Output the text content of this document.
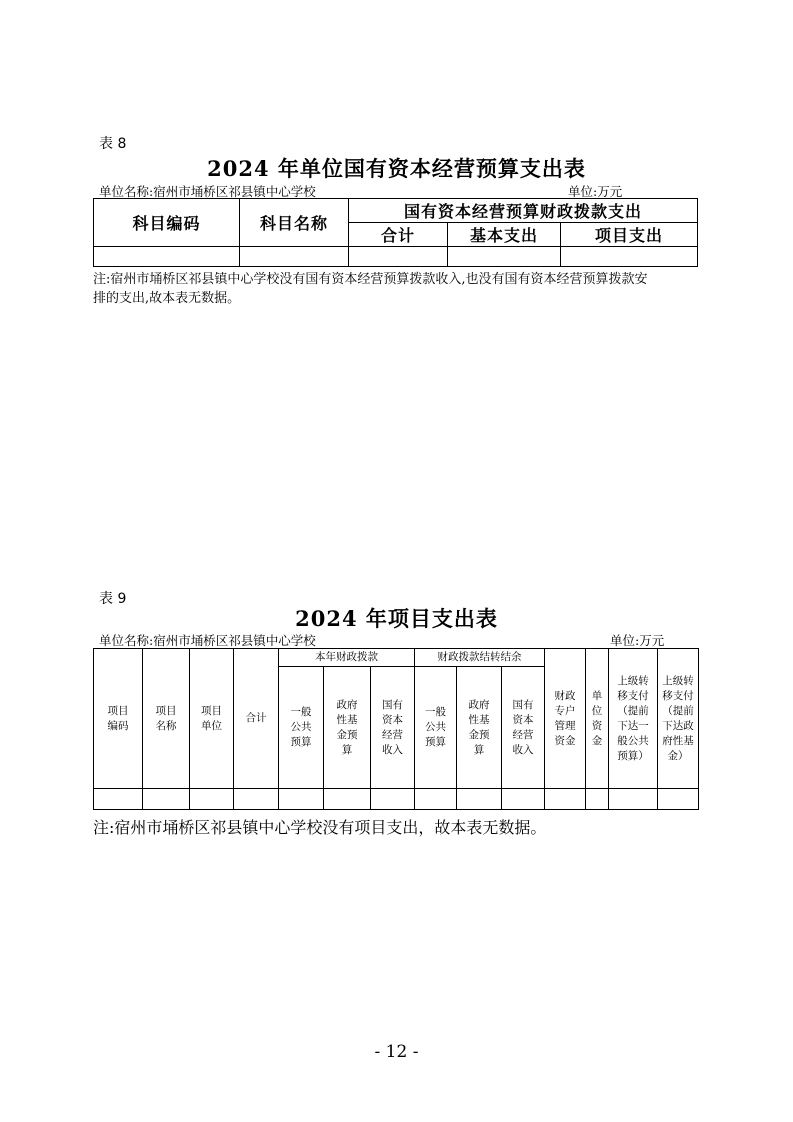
表 8
2024 年单位国有资本经营预算支出表
单位名称:宿州市埇桥区祁县镇中心学校	单位:万元
科目编码	科目名称	国有资本经营预算财政拨款支出		
		合计	基本支出	项目支出

注:宿州市埇桥区祁县镇中心学校没有国有资本经营预算拨款收入,也没有国有资本经营预算拨款安
排的支出,故本表无数据。
表 9
2024 年项目支出表
单位名称:宿州市埇桥区祁县镇中心学校	单位:万元
项目编码	项目名称	项目单位	合计	本年财政拨款			财政拨款结转结余			财政专户管理资金	单位资金	上级转移支付（提前下达一般公共预算）	上级转移支付（提前下达政府性基金）
				一般公共预算	政府性基金预算	国有资本经营收入	一般公共预算	政府性基金预算	国有资本经营收入				

注:宿州市埇桥区祁县镇中心学校没有项目支出，故本表无数据。
- 12 -
